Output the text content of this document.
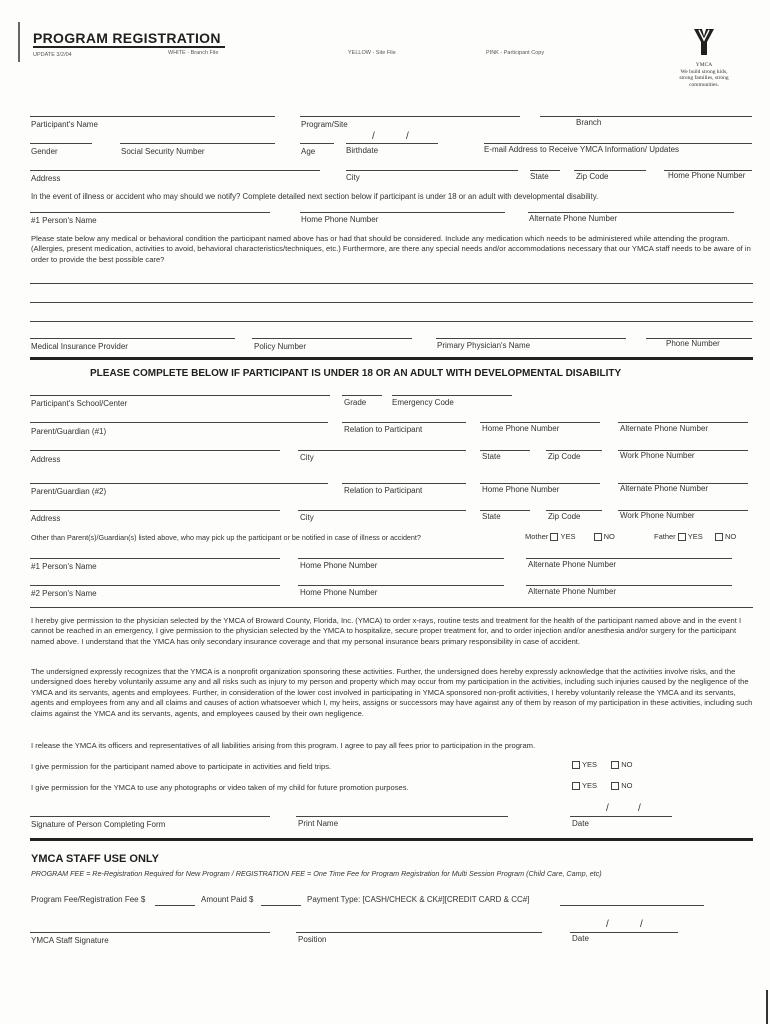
PROGRAM REGISTRATION
UPDATE 3/2/04	WHITE - Branch File	YELLOW - Site File	PINK - Participant Copy
YMCA
We build strong kids,
strong families, strong communities.
Participant's Name	Program/Site	Branch
/	/
Gender	Social Security Number	Age	Birthdate	E-mail Address to Receive YMCA Information/ Updates
Address	City	State	Zip Code	Home Phone Number
In the event of illness or accident who may should we notify? Complete detailed next section below if participant is under 18 or an adult with developmental disability.
#1 Person's Name	Home Phone Number	Alternate Phone Number
Please state below any medical or behavioral condition the participant named above has or had that should be considered. Include any medication which needs to be administered while attending the program. (Allergies, present medication, activities to avoid, behavioral characteristics/techniques, etc.) Furthermore, are there any special needs and/or accommodations necessary that our YMCA staff needs to be aware of in order to provide the best possible care?
Medical Insurance Provider	Policy Number	Primary Physician's Name	Phone Number
PLEASE COMPLETE BELOW IF PARTICIPANT IS UNDER 18 OR AN ADULT WITH DEVELOPMENTAL DISABILITY
Participant's School/Center	Grade	Emergency Code
Parent/Guardian (#1)	Relation to Participant	Home Phone Number	Alternate Phone Number
Address	City	State	Zip Code	Work Phone Number
Parent/Guardian (#2)	Relation to Participant	Home Phone Number	Alternate Phone Number
Address	City	State	Zip Code	Work Phone Number
Other than Parent(s)/Guardian(s) listed above, who may pick up the participant or be notified in case of illness or accident?	Mother YES	NO	Father YES	NO
#1 Person's Name	Home Phone Number	Alternate Phone Number
#2 Person's Name	Home Phone Number	Alternate Phone Number
I hereby give permission to the physician selected by the YMCA of Broward County, Florida, Inc. (YMCA) to order x-rays, routine tests and treatment for the health of the participant named above and in the event I cannot be reached in an emergency, I give permission to the physician selected by the YMCA to hospitalize, secure proper treatment for, and to order injection and/or anesthesia and/or surgery for the participant named above. I understand that the YMCA has only secondary insurance coverage and that my personal insurance bears primary responsibility in case of accident.
The undersigned expressly recognizes that the YMCA is a nonprofit organization sponsoring these activities. Further, the undersigned does hereby expressly acknowledge that the activities involve risks, and the undersigned does hereby voluntarily assume any and all risks such as injury to my person and property which may occur from my participation in the activities, including such injuries caused by the negligence of the YMCA and its servants, agents and employees. Further, in consideration of the lower cost involved in participating in YMCA sponsored non-profit activities, I hereby voluntarily release the YMCA and its servants, agents and employees from any and all claims and causes of action whatsoever which I, my heirs, assigns or successors may have against any of them by reason of my participation in these activities, including such claims against the YMCA and its servants, agents, and employees caused by their own negligence.
I release the YMCA its officers and representatives of all liabilities arising from this program. I agree to pay all fees prior to participation in the program.
I give permission for the participant named above to participate in activities and field trips.	YES	NO
I give permission for the YMCA to use any photographs or video taken of my child for future promotion purposes.	YES	NO
/	/
Signature of Person Completing Form	Print Name	Date
YMCA STAFF USE ONLY
PROGRAM FEE = Re-Registration Required for New Program / REGISTRATION FEE = One Time Fee for Program Registration for Multi Session Program (Child Care, Camp, etc)
Program Fee/Registration Fee $	Amount Paid $	Payment Type: [CASH/CHECK & CK#][CREDIT CARD & CC#]
/	/
YMCA Staff Signature	Position	Date
